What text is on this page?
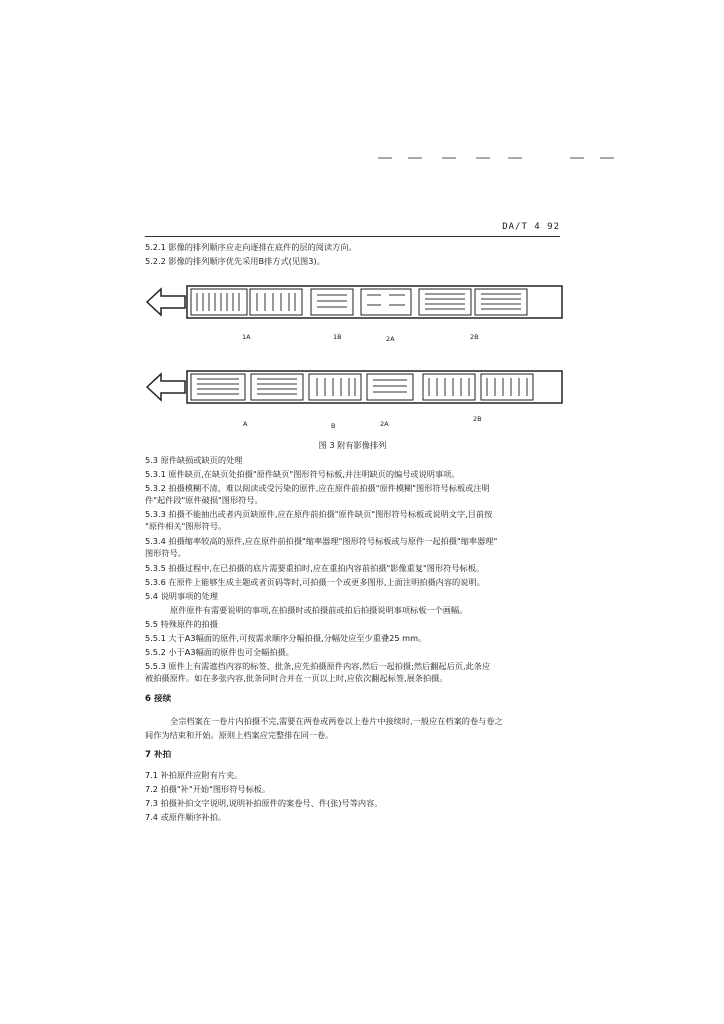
DA/T 4 92
5.2.1 影像的排列顺序应走向逐排在底件的层的阅读方向。
5.2.2 影像的排列顺序优先采用B排方式(见图3)。
1A	1B	2A	2B
A	B	2A
2B
图 3 附有影像排列
5.3 原件缺损或缺页的处理
5.3.1 原件缺页,在缺页处拍摄"原件缺页"图形符号标板,并注明缺页的编号或说明事项。
5.3.2 拍摄模糊不清、难以阅读或受污染的原件,应在原件前拍摄"原件模糊"图形符号标板或注明
件"起件段"原件破损"图形符号。
5.3.3 拍摄不能抽出或者内页缺原件,应在原件前拍摄"原件缺页"图形符号标板或说明文字,目前按
"原件相关"图形符号。
5.3.4 拍摄缩率较高的原件,应在原件前拍摄"缩率器理"图形符号标板或与原件一起拍摄"缩率器理"
图形符号。
5.3.5 拍摄过程中,在已拍摄的底片需要重拍时,应在重拍内容前拍摄"影像重复"图形符号标板。
5.3.6 在原件上能够生成主题或者页码等时,可拍摄一个或更多图形,上面注明拍摄内容的说明。
5.4 说明事项的处理
原件原件有需要说明的事项,在拍摄时或拍摄前或拍后拍摄说明事项标板一个画幅。
5.5 特殊原件的拍摄
5.5.1 大于A3幅面的原件,可按需求顺序分幅拍摄,分幅处应至少重叠25 mm。
5.5.2 小于A3幅面的原件也可全幅拍摄。
5.5.3 原件上有需遮挡内容的标签、批条,应先拍摄原件内容,然后一起拍摄;然后翻起后页,此条应
被拍摄原件。如在多张内容,批条同时合并在一页以上时,应依次翻起标签,展条拍摄。
6 接续
全宗档案在一卷片内拍摄不完,需要在两卷或两卷以上卷片中接续时,一般应在档案的卷与卷之
间作为结束和开始。原则上档案应完整排在同一卷。
7 补拍
7.1 补拍原件应附有片夹。
7.2 拍摄"补"开始"图形符号标板。
7.3 拍摄补拍文字说明,说明补拍原件的案卷号、件(张)号等内容。
7.4 或原件顺序补拍。
